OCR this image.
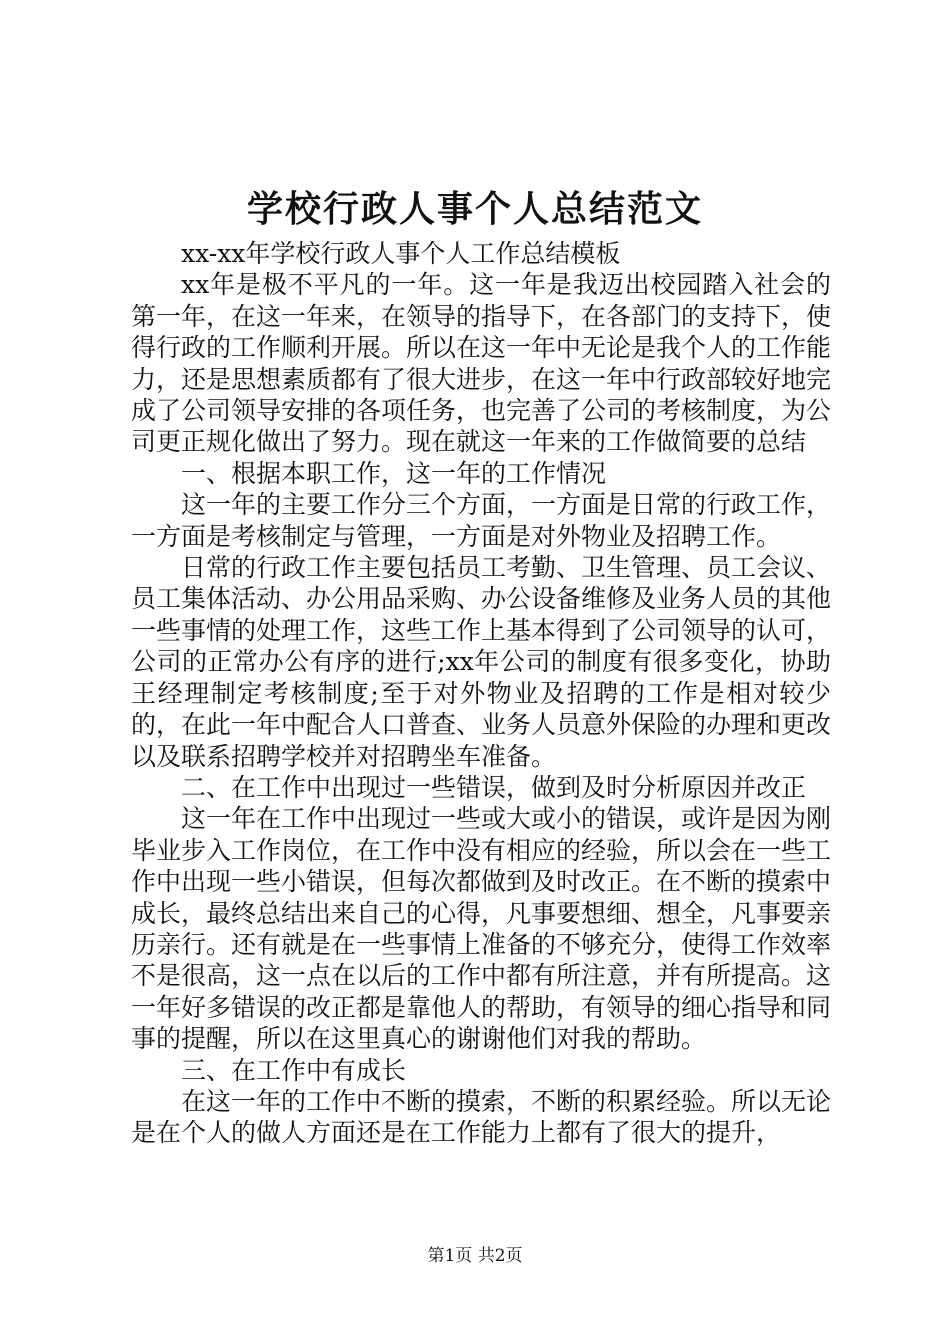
学校行政人事个人总结范文

xx-xx年学校行政人事个人工作总结模板

xx年是极不平凡的一年。这一年是我迈出校园踏入社会的第一年，在这一年来，在领导的指导下，在各部门的支持下，使得行政的工作顺利开展。所以在这一年中无论是我个人的工作能力，还是思想素质都有了很大进步，在这一年中行政部较好地完成了公司领导安排的各项任务，也完善了公司的考核制度，为公司更正规化做出了努力。现在就这一年来的工作做简要的总结

一、根据本职工作，这一年的工作情况

这一年的主要工作分三个方面，一方面是日常的行政工作，一方面是考核制定与管理，一方面是对外物业及招聘工作。

日常的行政工作主要包括员工考勤、卫生管理、员工会议、员工集体活动、办公用品采购、办公设备维修及业务人员的其他一些事情的处理工作，这些工作上基本得到了公司领导的认可，公司的正常办公有序的进行;xx年公司的制度有很多变化，协助王经理制定考核制度;至于对外物业及招聘的工作是相对较少的，在此一年中配合人口普查、业务人员意外保险的办理和更改以及联系招聘学校并对招聘坐车准备。

二、在工作中出现过一些错误，做到及时分析原因并改正

这一年在工作中出现过一些或大或小的错误，或许是因为刚毕业步入工作岗位，在工作中没有相应的经验，所以会在一些工作中出现一些小错误，但每次都做到及时改正。在不断的摸索中成长，最终总结出来自己的心得，凡事要想细、想全，凡事要亲历亲行。还有就是在一些事情上准备的不够充分，使得工作效率不是很高，这一点在以后的工作中都有所注意，并有所提高。这一年好多错误的改正都是靠他人的帮助，有领导的细心指导和同事的提醒，所以在这里真心的谢谢他们对我的帮助。

三、在工作中有成长

在这一年的工作中不断的摸索，不断的积累经验。所以无论是在个人的做人方面还是在工作能力上都有了很大的提升，

第1页 共2页
